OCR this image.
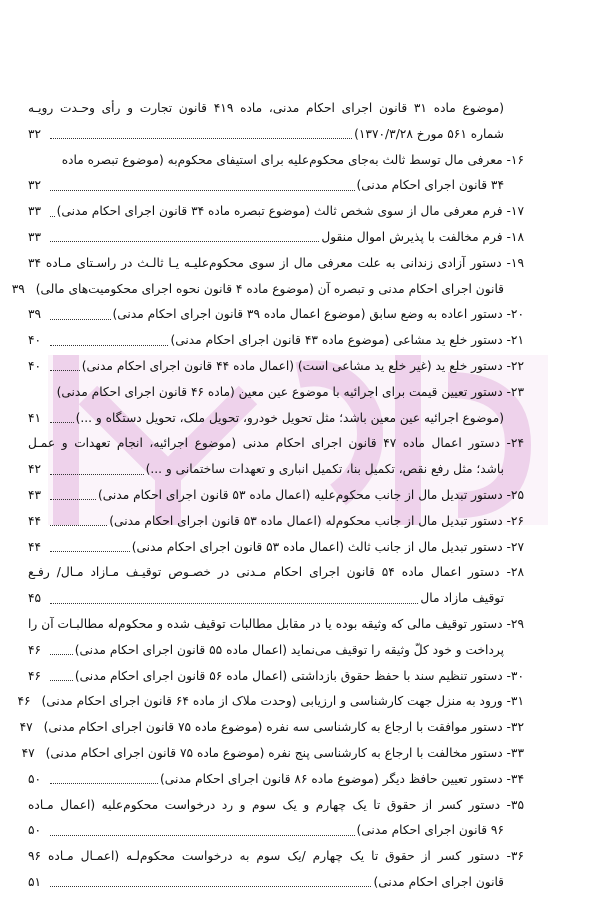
(موضوع ماده ۳۱ قانون اجرای احکام مدنی، ماده ۴۱۹ قانون تجارت و رأی وحـدت رویـه
شماره ۵۶۱ مورخ ۱۳۷۰/۳/۲۸)
۳۲
۱۶- معرفی مال توسط ثالث به‌جای محکوم‌علیه برای استیفای محکوم‌به (موضوع تبصره ماده
۳۴ قانون اجرای احکام مدنی)
۳۲
۱۷- فرم معرفی مال از سوی شخص ثالث (موضوع تبصره ماده ۳۴ قانون اجرای احکام مدنی)
۳۳
۱۸- فرم مخالفت با پذیرش اموال منقول
۳۳
۱۹- دستور آزادی زندانی به علت معرفی مال از سوی محکوم‌علیـه یـا ثالـث در راسـتای مـاده ۳۴
قانون اجرای احکام مدنی و تبصره آن (موضوع ماده ۴ قانون نحوه اجرای محکومیت‌های مالی)
۳۹
۲۰- دستور اعاده به وضع سابق (موضوع اعمال ماده ۳۹ قانون اجرای احکام مدنی)
۳۹
۲۱- دستور خلع ید مشاعی (موضوع ماده ۴۳ قانون اجرای احکام مدنی)
۴۰
۲۲- دستور خلع ید (غیر خلع ید مشاعی است) (اعمال ماده ۴۴ قانون اجرای احکام مدنی)
۴۰
۲۳- دستور تعیین قیمت برای اجرائیه با موضوع عین معین (ماده ۴۶ قانون اجرای احکام مدنی)
(موضوع اجرائیه عین معین باشد؛ مثل تحویل خودرو، تحویل ملک، تحویل دستگاه و ...)
۴۱
۲۴- دستور اعمال ماده ۴۷ قانون اجرای احکام مدنی (موضوع اجرائیه، انجام تعهدات و عمـل
باشد؛ مثل رفع نقص، تکمیل بنا، تکمیل انباری و تعهدات ساختمانی و ...)
۴۲
۲۵- دستور تبدیل مال از جانب محکوم‌علیه (اعمال ماده ۵۳ قانون اجرای احکام مدنی)
۴۳
۲۶- دستور تبدیل مال از جانب محکوم‌له (اعمال ماده ۵۳ قانون اجرای احکام مدنی)
۴۴
۲۷- دستور تبدیل مال از جانب ثالث (اعمال ماده ۵۳ قانون اجرای احکام مدنی)
۴۴
۲۸- دستور اعمال ماده ۵۴ قانون اجرای احکام مـدنی در خصـوص توقیـف مـازاد مـال/ رفـع
توقیف مازاد مال
۴۵
۲۹- دستور توقیف مالی که وثیقه بوده یا در مقابل مطالبات توقیف شده و محکوم‌له مطالبـات آن را
پرداخت و خود کلّ وثیقه را توقیف می‌نماید (اعمال ماده ۵۵ قانون اجرای احکام مدنی)
۴۶
۳۰- دستور تنظیم سند با حفظ حقوق بازداشتی (اعمال ماده ۵۶ قانون اجرای احکام مدنی)
۴۶
۳۱- ورود به منزل جهت کارشناسی و ارزیابی (وحدت ملاک از ماده ۶۴ قانون اجرای احکام مدنی)
۴۶
۳۲- دستور موافقت با ارجاع به کارشناسی سه نفره (موضوع ماده ۷۵ قانون اجرای احکام مدنی)
۴۷
۳۳- دستور مخالفت با ارجاع به کارشناسی پنج نفره (موضوع ماده ۷۵ قانون اجرای احکام مدنی)
۴۷
۳۴- دستور تعیین حافظ دیگر (موضوع ماده ۸۶ قانون اجرای احکام مدنی)
۵۰
۳۵- دستور کسر از حقوق تا یک چهارم و یک سوم و رد درخواست محکوم‌علیه (اعمال مـاده
۹۶ قانون اجرای احکام مدنی)
۵۰
۳۶- دستور کسر از حقوق تا یک چهارم /یک سوم به درخواست محکوم‌لـه (اعمـال مـاده ۹۶
قانون اجرای احکام مدنی)
۵۱
